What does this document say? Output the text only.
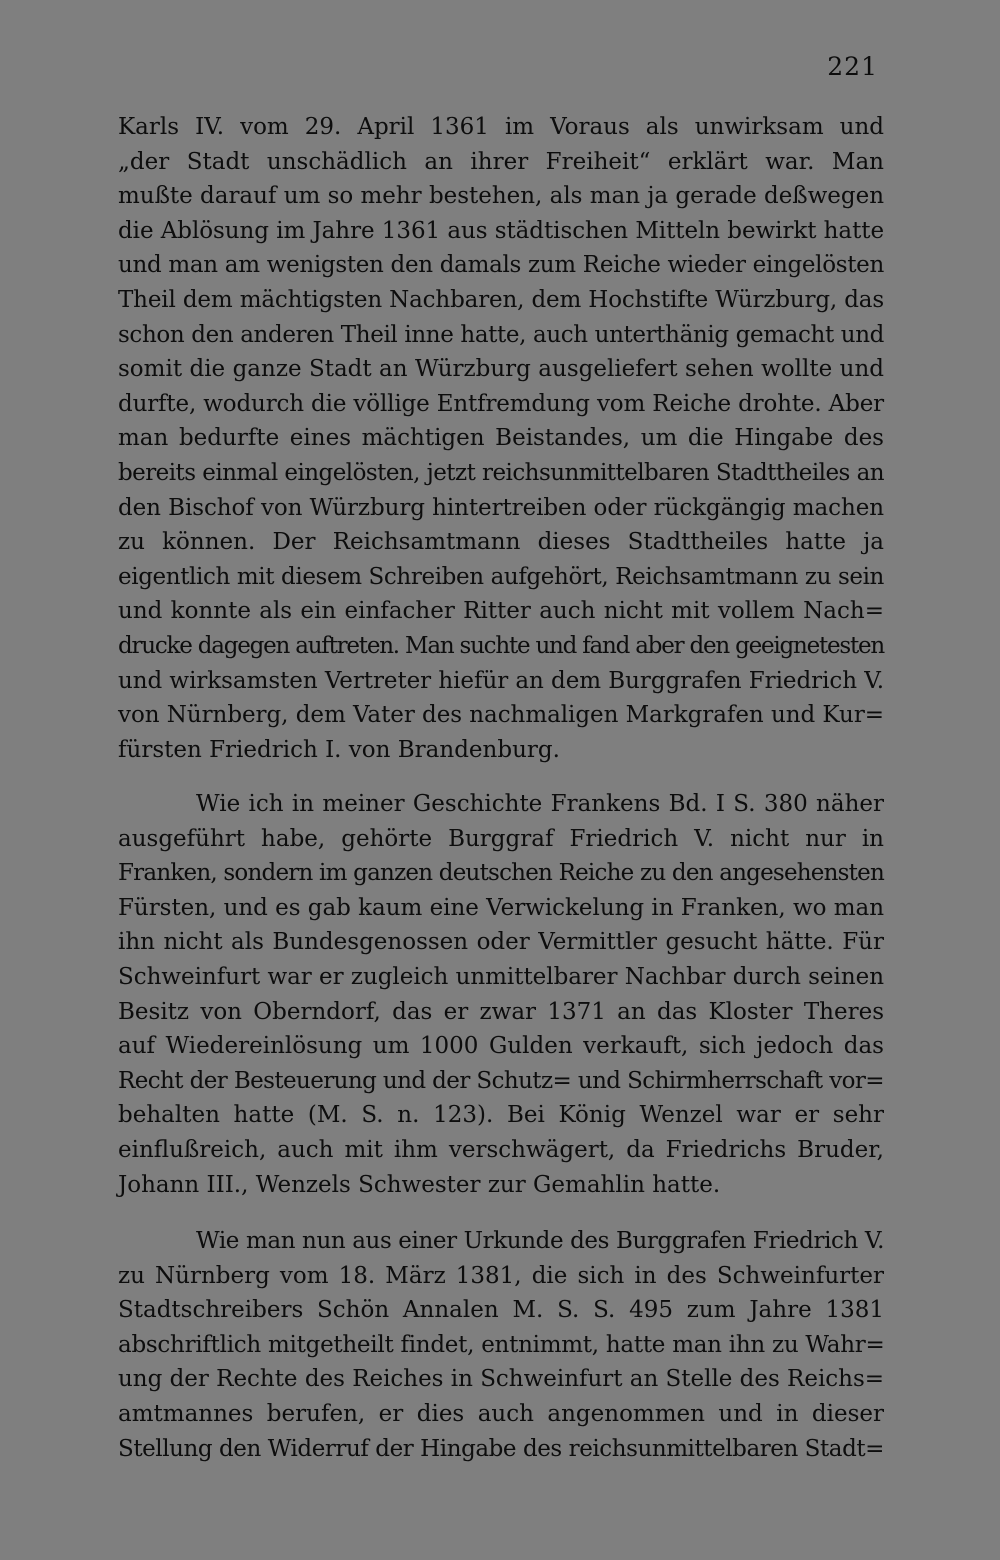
221
Karls IV. vom 29. April 1361 im Voraus als unwirksam und
„der Stadt unschädlich an ihrer Freiheit“ erklärt war. Man
mußte darauf um so mehr bestehen, als man ja gerade deßwegen
die Ablösung im Jahre 1361 aus städtischen Mitteln bewirkt hatte
und man am wenigsten den damals zum Reiche wieder eingelösten
Theil dem mächtigsten Nachbaren, dem Hochstifte Würzburg, das
schon den anderen Theil inne hatte, auch unterthänig gemacht und
somit die ganze Stadt an Würzburg ausgeliefert sehen wollte und
durfte, wodurch die völlige Entfremdung vom Reiche drohte. Aber
man bedurfte eines mächtigen Beistandes, um die Hingabe des
bereits einmal eingelösten, jetzt reichsunmittelbaren Stadttheiles an
den Bischof von Würzburg hintertreiben oder rückgängig machen
zu können. Der Reichsamtmann dieses Stadttheiles hatte ja
eigentlich mit diesem Schreiben aufgehört, Reichsamtmann zu sein
und konnte als ein einfacher Ritter auch nicht mit vollem Nach=
drucke dagegen auftreten. Man suchte und fand aber den geeignetesten
und wirksamsten Vertreter hiefür an dem Burggrafen Friedrich V.
von Nürnberg, dem Vater des nachmaligen Markgrafen und Kur=
fürsten Friedrich I. von Brandenburg.
Wie ich in meiner Geschichte Frankens Bd. I S. 380 näher
ausgeführt habe, gehörte Burggraf Friedrich V. nicht nur in
Franken, sondern im ganzen deutschen Reiche zu den angesehensten
Fürsten, und es gab kaum eine Verwickelung in Franken, wo man
ihn nicht als Bundesgenossen oder Vermittler gesucht hätte. Für
Schweinfurt war er zugleich unmittelbarer Nachbar durch seinen
Besitz von Oberndorf, das er zwar 1371 an das Kloster Theres
auf Wiedereinlösung um 1000 Gulden verkauft, sich jedoch das
Recht der Besteuerung und der Schutz= und Schirmherrschaft vor=
behalten hatte (M. S. n. 123). Bei König Wenzel war er sehr
einflußreich, auch mit ihm verschwägert, da Friedrichs Bruder,
Johann III., Wenzels Schwester zur Gemahlin hatte.
Wie man nun aus einer Urkunde des Burggrafen Friedrich V.
zu Nürnberg vom 18. März 1381, die sich in des Schweinfurter
Stadtschreibers Schön Annalen M. S. S. 495 zum Jahre 1381
abschriftlich mitgetheilt findet, entnimmt, hatte man ihn zu Wahr=
ung der Rechte des Reiches in Schweinfurt an Stelle des Reichs=
amtmannes berufen, er dies auch angenommen und in dieser
Stellung den Widerruf der Hingabe des reichsunmittelbaren Stadt=
